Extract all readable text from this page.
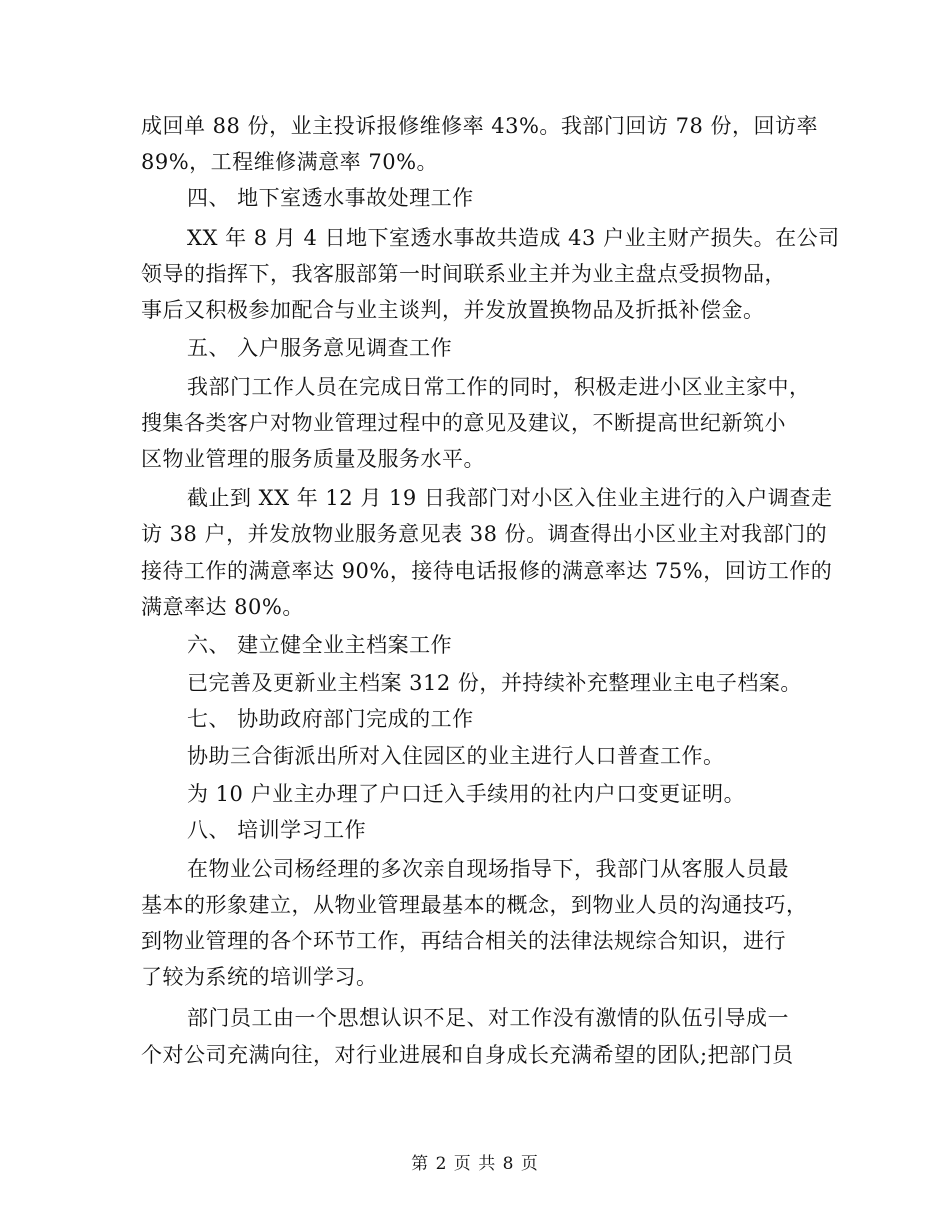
成回单 88 份，业主投诉报修维修率 43%。我部门回访 78 份，回访率
89%，工程维修满意率 70%。
四、 地下室透水事故处理工作
XX 年 8 月 4 日地下室透水事故共造成 43 户业主财产损失。在公司
领导的指挥下，我客服部第一时间联系业主并为业主盘点受损物品，
事后又积极参加配合与业主谈判，并发放置换物品及折抵补偿金。
五、 入户服务意见调查工作
我部门工作人员在完成日常工作的同时，积极走进小区业主家中，
搜集各类客户对物业管理过程中的意见及建议，不断提高世纪新筑小
区物业管理的服务质量及服务水平。
截止到 XX 年 12 月 19 日我部门对小区入住业主进行的入户调查走
访 38 户，并发放物业服务意见表 38 份。调查得出小区业主对我部门的
接待工作的满意率达 90%，接待电话报修的满意率达 75%，回访工作的
满意率达 80%。
六、 建立健全业主档案工作
已完善及更新业主档案 312 份，并持续补充整理业主电子档案。
七、 协助政府部门完成的工作
协助三合街派出所对入住园区的业主进行人口普查工作。
为 10 户业主办理了户口迁入手续用的社内户口变更证明。
八、 培训学习工作
在物业公司杨经理的多次亲自现场指导下，我部门从客服人员最
基本的形象建立，从物业管理最基本的概念，到物业人员的沟通技巧，
到物业管理的各个环节工作，再结合相关的法律法规综合知识，进行
了较为系统的培训学习。
部门员工由一个思想认识不足、对工作没有激情的队伍引导成一
个对公司充满向往，对行业进展和自身成长充满希望的团队;把部门员
第 2 页 共 8 页
